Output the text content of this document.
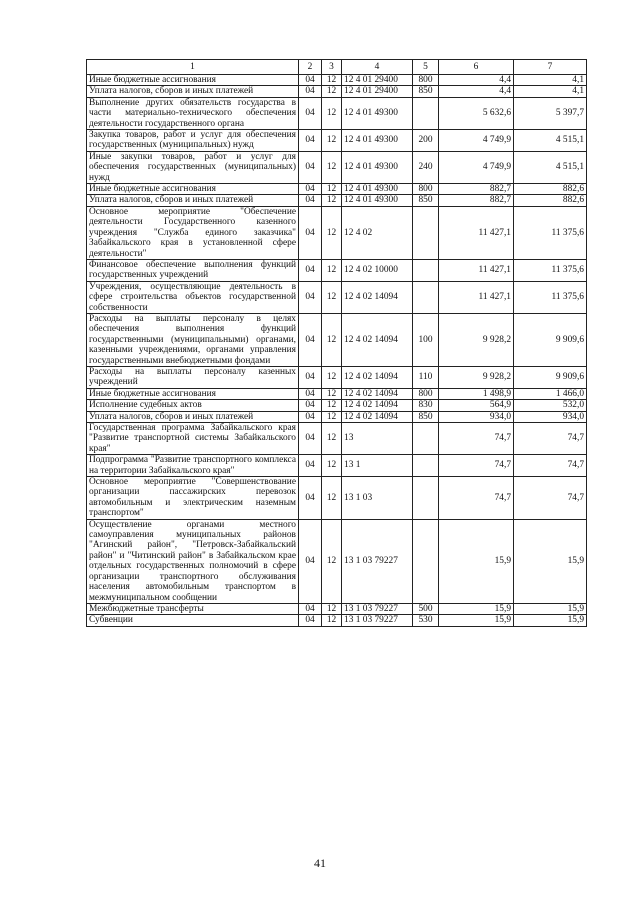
1	2	3	4	5	6	7
Иные бюджетные ассигнования	04	12	12 4 01 29400	800	4,4	4,1
Уплата налогов, сборов и иных платежей	04	12	12 4 01 29400	850	4,4	4,1
Выполнение других обязательств государства в части материально-технического обеспечения деятельности государственного органа	04	12	12 4 01 49300		5 632,6	5 397,7
Закупка товаров, работ и услуг для обеспечения государственных (муниципальных) нужд	04	12	12 4 01 49300	200	4 749,9	4 515,1
Иные закупки товаров, работ и услуг для обеспечения государственных (муниципальных) нужд	04	12	12 4 01 49300	240	4 749,9	4 515,1
Иные бюджетные ассигнования	04	12	12 4 01 49300	800	882,7	882,6
Уплата налогов, сборов и иных платежей	04	12	12 4 01 49300	850	882,7	882,6
Основное мероприятие "Обеспечение деятельности Государственного казенного учреждения "Служба единого заказчика" Забайкальского края в установленной сфере деятельности"	04	12	12 4 02		11 427,1	11 375,6
Финансовое обеспечение выполнения функций государственных учреждений	04	12	12 4 02 10000		11 427,1	11 375,6
Учреждения, осуществляющие деятельность в сфере строительства объектов государственной собственности	04	12	12 4 02 14094		11 427,1	11 375,6
Расходы на выплаты персоналу в целях обеспечения выполнения функций государственными (муниципальными) органами, казенными учреждениями, органами управления государственными внебюджетными фондами	04	12	12 4 02 14094	100	9 928,2	9 909,6
Расходы на выплаты персоналу казенных учреждений	04	12	12 4 02 14094	110	9 928,2	9 909,6
Иные бюджетные ассигнования	04	12	12 4 02 14094	800	1 498,9	1 466,0
Исполнение судебных актов	04	12	12 4 02 14094	830	564,9	532,0
Уплата налогов, сборов и иных платежей	04	12	12 4 02 14094	850	934,0	934,0
Государственная программа Забайкальского края "Развитие транспортной системы Забайкальского края"	04	12	13		74,7	74,7
Подпрограмма "Развитие транспортного комплекса на территории Забайкальского края"	04	12	13 1		74,7	74,7
Основное мероприятие "Совершенствование организации пассажирских перевозок автомобильным и электрическим наземным транспортом"	04	12	13 1 03		74,7	74,7
Осуществление органами местного самоуправления муниципальных районов "Агинский район", "Петровск-Забайкальский район" и "Читинский район" в Забайкальском крае отдельных государственных полномочий в сфере организации транспортного обслуживания населения автомобильным транспортом в межмуниципальном сообщении	04	12	13 1 03 79227		15,9	15,9
Межбюджетные трансферты	04	12	13 1 03 79227	500	15,9	15,9
Субвенции	04	12	13 1 03 79227	530	15,9	15,9
41
